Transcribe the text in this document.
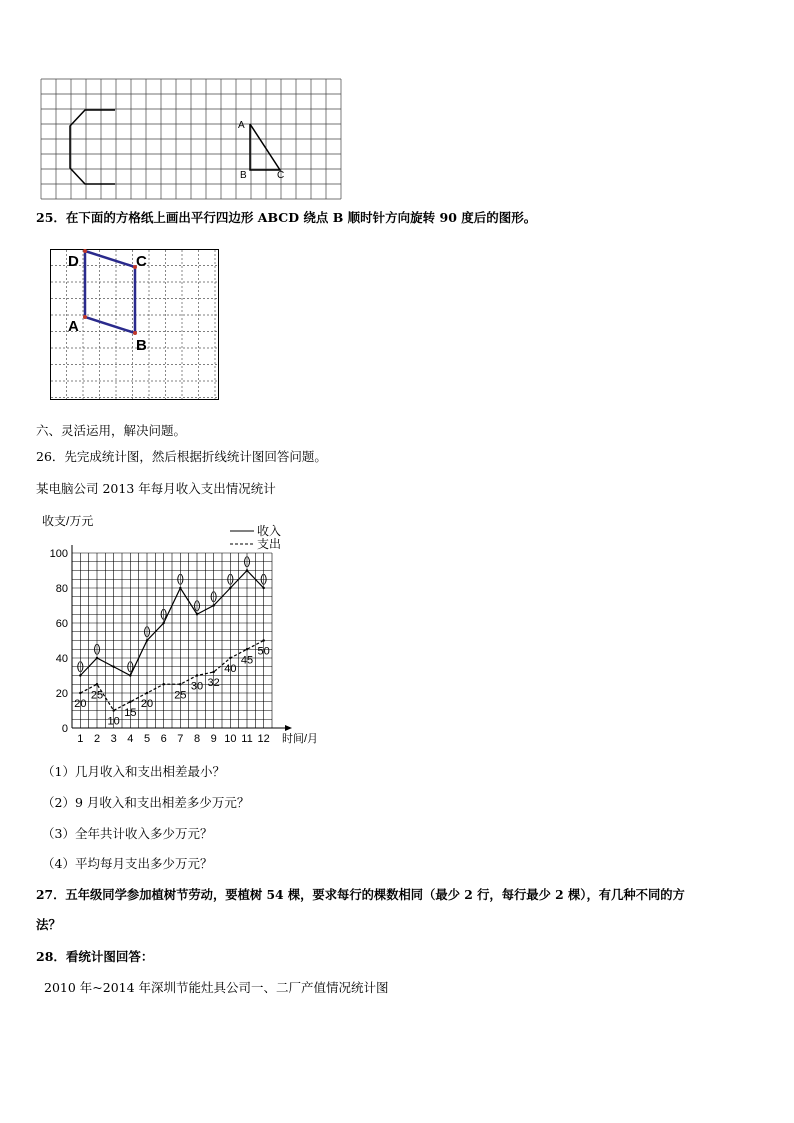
A
B	C
25．在下面的方格纸上画出平行四边形 ABCD 绕点 B 顺时针方向旋转 90 度后的图形。
D	C
A
B
六、灵活运用，解决问题。
26．先完成统计图，然后根据折线统计图回答问题。
某电脑公司 2013 年每月收入支出情况统计
收支/万元
时间/月
0
20
40
60
80
100
1 2 3 4 5 6 7 8 9 10 11 12
()
()
()
()
()
()
()
()
()
()
()
20
25
10
15
20
25
30 32
40
45
50
收入
支出
（1）几月收入和支出相差最小？
（2）9 月收入和支出相差多少万元？
（3）全年共计收入多少万元？
（4）平均每月支出多少万元？
27．五年级同学参加植树节劳动，要植树 54 棵，要求每行的棵数相同（最少 2 行，每行最少 2 棵），有几种不同的方
法？
28．看统计图回答：
2010 年~2014 年深圳节能灶具公司一、二厂产值情况统计图
